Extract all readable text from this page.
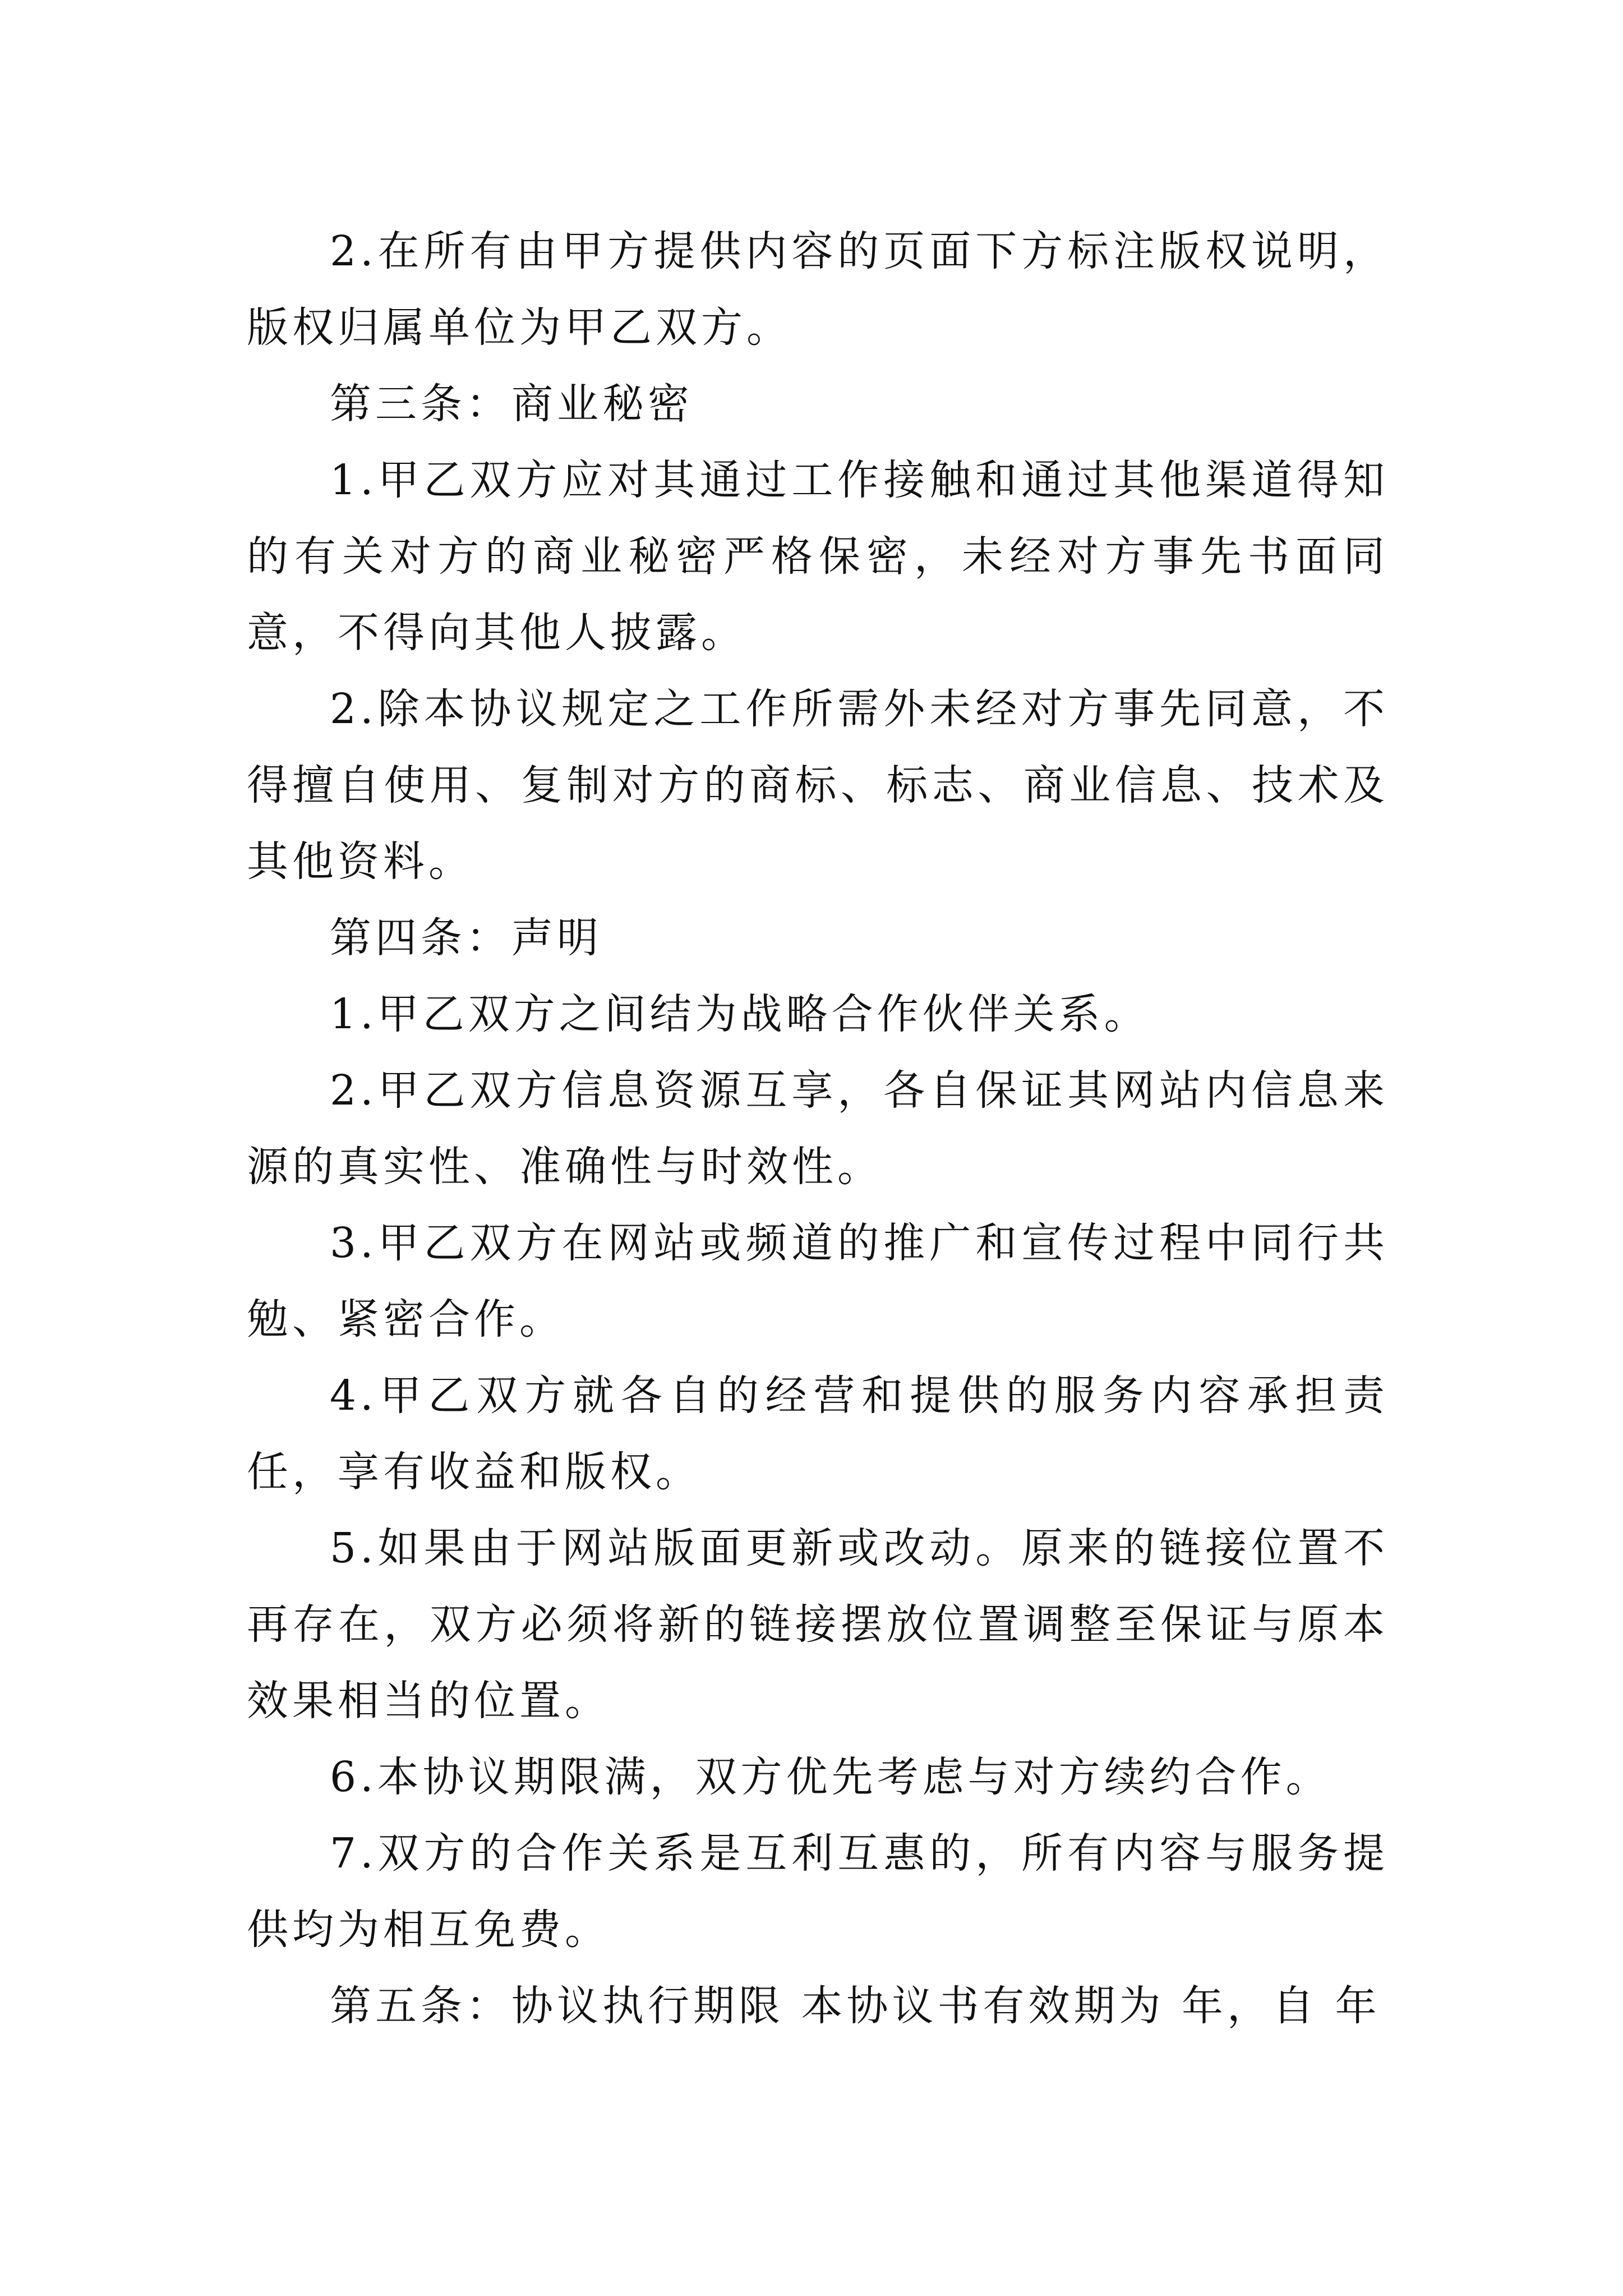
2.在所有由甲方提供内容的页面下方标注版权说明，版权归属单位为甲乙双方。

第三条：商业秘密

1.甲乙双方应对其通过工作接触和通过其他渠道得知的有关对方的商业秘密严格保密，未经对方事先书面同意，不得向其他人披露。

2.除本协议规定之工作所需外未经对方事先同意，不得擅自使用、复制对方的商标、标志、商业信息、技术及其他资料。

第四条：声明

1.甲乙双方之间结为战略合作伙伴关系。

2.甲乙双方信息资源互享，各自保证其网站内信息来源的真实性、准确性与时效性。

3.甲乙双方在网站或频道的推广和宣传过程中同行共勉、紧密合作。

4.甲乙双方就各自的经营和提供的服务内容承担责任，享有收益和版权。

5.如果由于网站版面更新或改动。原来的链接位置不再存在，双方必须将新的链接摆放位置调整至保证与原本效果相当的位置。

6.本协议期限满，双方优先考虑与对方续约合作。

7.双方的合作关系是互利互惠的，所有内容与服务提供均为相互免费。

第五条：协议执行期限 本协议书有效期为 年，自 年
